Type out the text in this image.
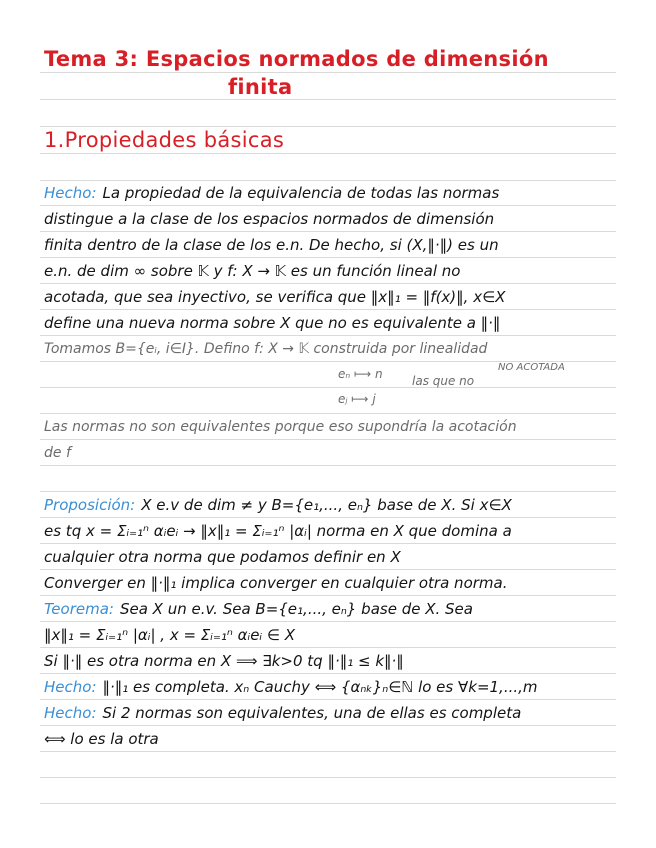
Tema 3: Espacios normados de dimensión
finita
1.Propiedades básicas
Hecho: La propiedad de la equivalencia de todas las normas
distingue a la clase de los espacios normados de dimensión
finita dentro de la clase de los e.n. De hecho, si (X,‖·‖) es un
e.n. de dim ∞ sobre 𝕂 y f: X → 𝕂 es un función lineal no
acotada, que sea inyectivo, se verifica que ‖x‖₁ = ‖f(x)‖, x∈X
define una nueva norma sobre X que no es equivalente a ‖·‖
Tomamos B={eᵢ, i∈I}. Defino f: X → 𝕂 construida por linealidad
NO ACOTADA
eₙ ⟼ n las que no
eⱼ ⟼ j
Las normas no son equivalentes porque eso supondría la acotación
de f
Proposición: X e.v de dim ≠ y B={e₁,..., eₙ} base de X. Si x∈X
es tq x = Σᵢ₌₁ⁿ αᵢeᵢ → ‖x‖₁ = Σᵢ₌₁ⁿ |αᵢ| norma en X que domina a
cualquier otra norma que podamos definir en X
Converger en ‖·‖₁ implica converger en cualquier otra norma.
Teorema: Sea X un e.v. Sea B={e₁,..., eₙ} base de X. Sea
‖x‖₁ = Σᵢ₌₁ⁿ |αᵢ| , x = Σᵢ₌₁ⁿ αᵢeᵢ ∈ X
Si ‖·‖ es otra norma en X ⟹ ∃k>0 tq ‖·‖₁ ≤ k‖·‖
Hecho: ‖·‖₁ es completa. xₙ Cauchy ⟺ {αₙₖ}ₙ∈ℕ lo es ∀k=1,...,m
Hecho: Si 2 normas son equivalentes, una de ellas es completa
⟺ lo es la otra
